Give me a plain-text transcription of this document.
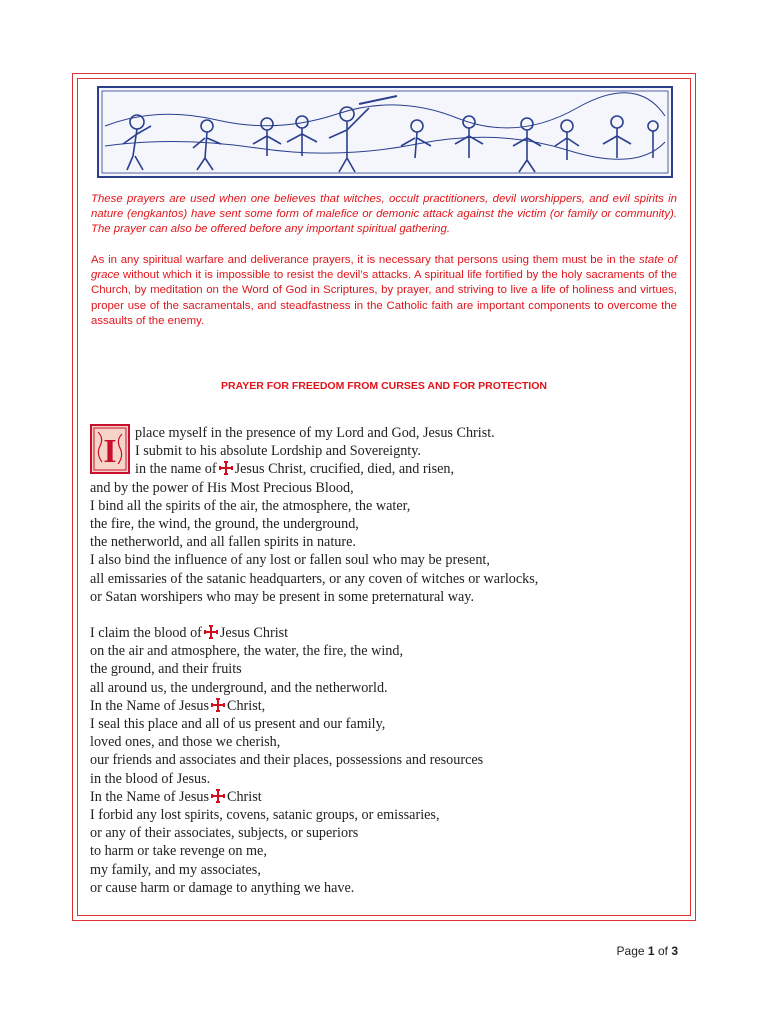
These prayers are used when one believes that witches, occult practitioners, devil worshippers, and evil spirits in nature (engkantos) have sent some form of malefice or demonic attack against the victim (or family or community). The prayer can also be offered before any important spiritual gathering.

As in any spiritual warfare and deliverance prayers, it is necessary that persons using them must be in the state of grace without which it is impossible to resist the devil’s attacks. A spiritual life fortified by the holy sacraments of the Church, by meditation on the Word of God in Scriptures, by prayer, and striving to live a life of holiness and virtues, proper use of the sacramentals, and steadfastness in the Catholic faith are important components to overcome the assaults of the enemy.

PRAYER FOR FREEDOM FROM CURSES AND FOR PROTECTION

I	place myself in the presence of my Lord and God, Jesus Christ.
I submit to his absolute Lordship and Sovereignty.
in the name of Jesus Christ, crucified, died, and risen,
and by the power of His Most Precious Blood,
I bind all the spirits of the air, the atmosphere, the water,
the fire, the wind, the ground, the underground,
the netherworld, and all fallen spirits in nature.
I also bind the influence of any lost or fallen soul who may be present,
all emissaries of the satanic headquarters, or any coven of witches or warlocks,
or Satan worshipers who may be present in some preternatural way.
I claim the blood of Jesus Christ
on the air and atmosphere, the water, the fire, the wind,
the ground, and their fruits
all around us, the underground, and the netherworld.
In the Name of Jesus Christ,
I seal this place and all of us present and our family,
loved ones, and those we cherish,
our friends and associates and their places, possessions and resources
in the blood of Jesus.
In the Name of Jesus Christ
I forbid any lost spirits, covens, satanic groups, or emissaries,
or any of their associates, subjects, or superiors
to harm or take revenge on me,
my family, and my associates,
or cause harm or damage to anything we have.
Page 1 of 3
